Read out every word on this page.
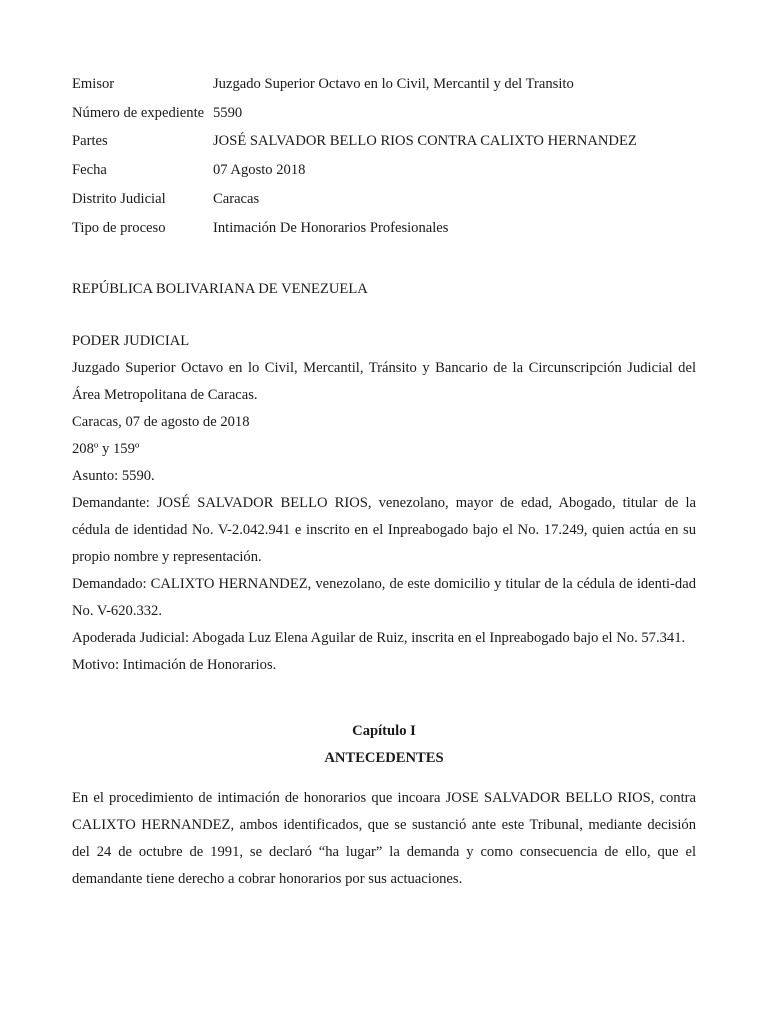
Emisor	Juzgado Superior Octavo en lo Civil, Mercantil y del Transito
Número de expediente	5590
Partes	JOSÉ SALVADOR BELLO RIOS CONTRA CALIXTO HERNANDEZ
Fecha	07 Agosto 2018
Distrito Judicial	Caracas
Tipo de proceso	Intimación De Honorarios Profesionales
REPÚBLICA BOLIVARIANA DE VENEZUELA
PODER JUDICIAL
Juzgado Superior Octavo en lo Civil, Mercantil, Tránsito y Bancario de la Circunscripción Judicial del Área Metropolitana de Caracas.
Caracas, 07 de agosto de 2018
208º y 159º
Asunto: 5590.
Demandante: JOSÉ SALVADOR BELLO RIOS, venezolano, mayor de edad, Abogado, titular de la cédula de identidad No. V-2.042.941 e inscrito en el Inpreabogado bajo el No. 17.249, quien actúa en su propio nombre y representación.
Demandado: CALIXTO HERNANDEZ, venezolano, de este domicilio y titular de la cédula de identi-dad No. V-620.332.
Apoderada Judicial: Abogada Luz Elena Aguilar de Ruiz, inscrita en el Inpreabogado bajo el No. 57.341.
Motivo: Intimación de Honorarios.
Capítulo I
ANTECEDENTES
En el procedimiento de intimación de honorarios que incoara JOSE SALVADOR BELLO RIOS, contra CALIXTO HERNANDEZ, ambos identificados, que se sustanció ante este Tribunal, mediante decisión del 24 de octubre de 1991, se declaró “ha lugar” la demanda y como consecuencia de ello, que el demandante tiene derecho a cobrar honorarios por sus actuaciones.
